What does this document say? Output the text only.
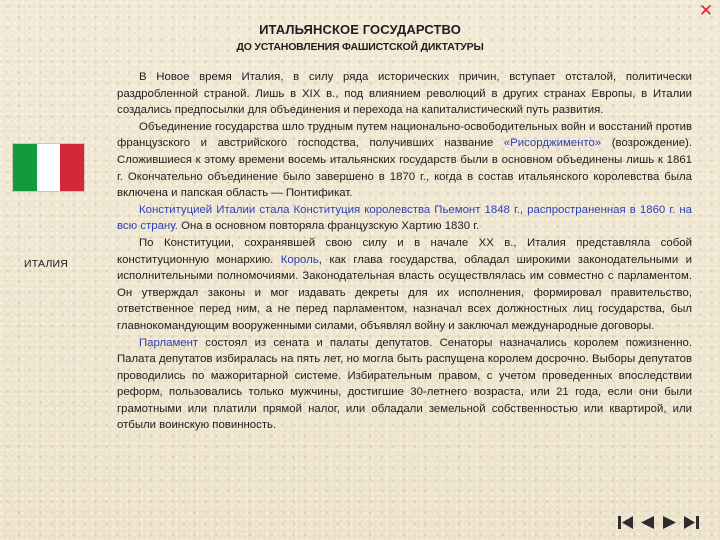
ИТАЛЬЯНСКОЕ ГОСУДАРСТВО
ДО УСТАНОВЛЕНИЯ ФАШИСТСКОЙ ДИКТАТУРЫ
✕
ИТАЛИЯ

В Новое время Италия, в силу ряда исторических причин, вступает отсталой, политически раздробленной страной. Лишь в XIX в., под влиянием революций в других странах Европы, в Италии создались предпосылки для объединения и перехода на капиталистический путь развития.

Объединение государства шло трудным путем национально-освободительных войн и восстаний против французского и австрийского господства, получивших название «Рисорджименто» (возрождение). Сложившиеся к этому времени восемь итальянских государств были в основном объединены лишь к 1861 г. Окончательно объединение было завершено в 1870 г., когда в состав итальянского королевства была включена и папская область — Понтификат.

Конституцией Италии стала Конституция королевства Пьемонт 1848 г., распространенная в 1860 г. на всю страну. Она в основном повторяла французскую Хартию 1830 г.

По Конституции, сохранявшей свою силу и в начале XX в., Италия представляла собой конституционную монархию. Король, как глава государства, обладал широкими законодательными и исполнительными полномочиями. Законодательная власть осуществлялась им совместно с парламентом. Он утверждал законы и мог издавать декреты для их исполнения, формировал правительство, ответственное перед ним, а не перед парламентом, назначал всех должностных лиц государства, был главнокомандующим вооруженными силами, объявлял войну и заключал международные договоры.

Парламент состоял из сената и палаты депутатов. Сенаторы назначались королем пожизненно. Палата депутатов избиралась на пять лет, но могла быть распущена королем досрочно. Выборы депутатов проводились по мажоритарной системе. Избирательным правом, с учетом проведенных впоследствии реформ, пользовались только мужчины, достигшие 30-летнего возраста, или 21 года, если они были грамотными или платили прямой налог, или обладали земельной собственностью или квартирой, или отбыли воинскую повинность.
